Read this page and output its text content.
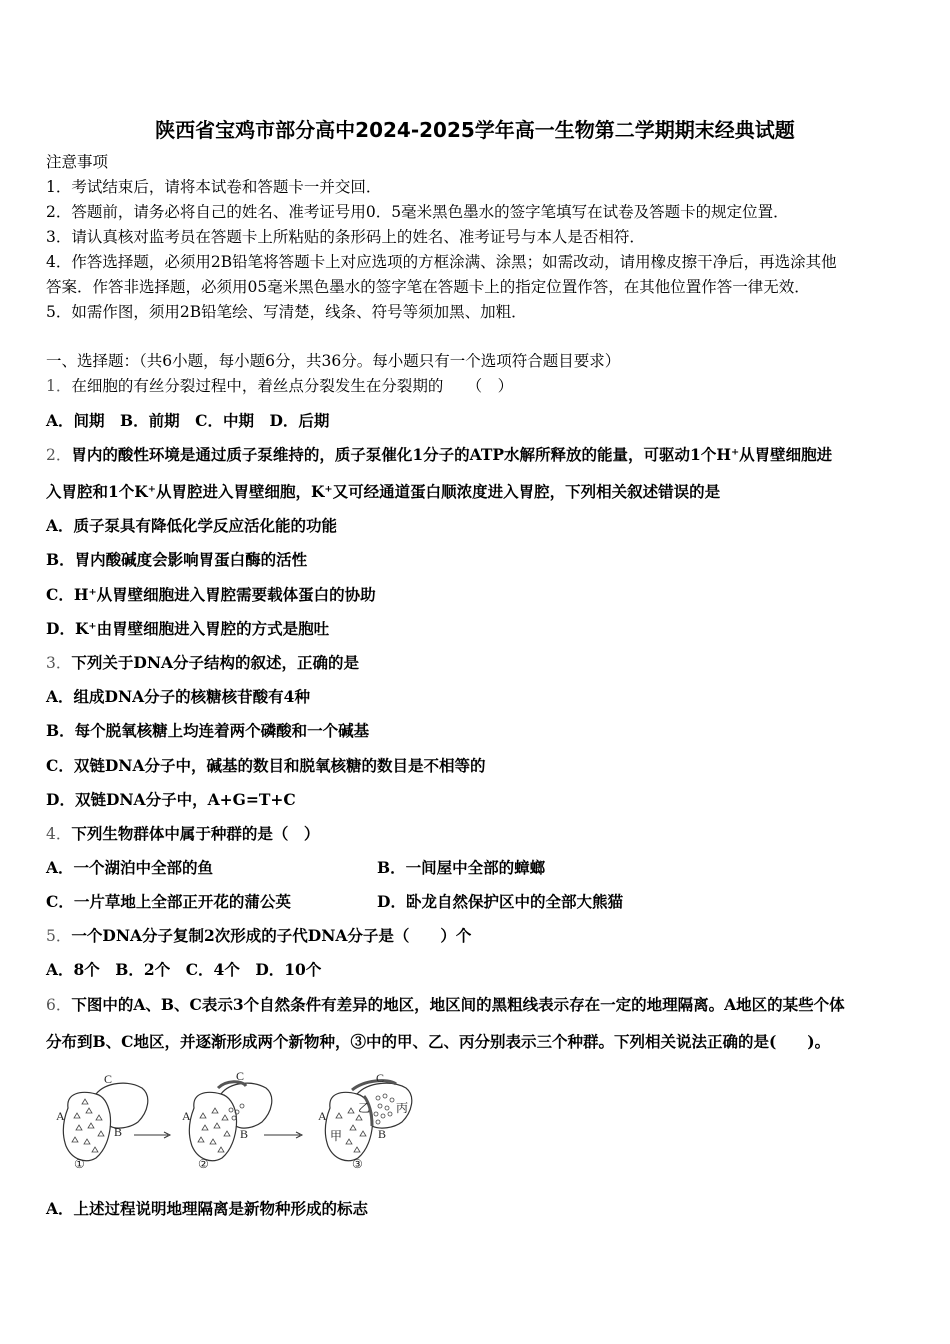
陕西省宝鸡市部分高中2024-2025学年高一生物第二学期期末经典试题
注意事项
1．考试结束后，请将本试卷和答题卡一并交回．
2．答题前，请务必将自己的姓名、准考证号用0．5毫米黑色墨水的签字笔填写在试卷及答题卡的规定位置．
3．请认真核对监考员在答题卡上所粘贴的条形码上的姓名、准考证号与本人是否相符．
4．作答选择题，必须用2B铅笔将答题卡上对应选项的方框涂满、涂黑；如需改动，请用橡皮擦干净后，再选涂其他
答案．作答非选择题，必须用05毫米黑色墨水的签字笔在答题卡上的指定位置作答，在其他位置作答一律无效．
5．如需作图，须用2B铅笔绘、写清楚，线条、符号等须加黑、加粗．
一、选择题：（共6小题，每小题6分，共36分。每小题只有一个选项符合题目要求）
1．在细胞的有丝分裂过程中，着丝点分裂发生在分裂期的　　（　）
A．间期　B．前期　C．中期　D．后期
2．胃内的酸性环境是通过质子泵维持的，质子泵催化1分子的ATP水解所释放的能量，可驱动1个H⁺从胃壁细胞进
入胃腔和1个K⁺从胃腔进入胃壁细胞，K⁺又可经通道蛋白顺浓度进入胃腔，下列相关叙述错误的是
A．质子泵具有降低化学反应活化能的功能
B．胃内酸碱度会影响胃蛋白酶的活性
C．H⁺从胃壁细胞进入胃腔需要载体蛋白的协助
D．K⁺由胃壁细胞进入胃腔的方式是胞吐
3．下列关于DNA分子结构的叙述，正确的是
A．组成DNA分子的核糖核苷酸有4种
B．每个脱氧核糖上均连着两个磷酸和一个碱基
C．双链DNA分子中，碱基的数目和脱氧核糖的数目是不相等的
D．双链DNA分子中，A+G=T+C
4．下列生物群体中属于种群的是（　）
A．一个湖泊中全部的鱼	B．一间屋中全部的蟑螂
C．一片草地上全部正开花的蒲公英	D．卧龙自然保护区中的全部大熊猫
5．一个DNA分子复制2次形成的子代DNA分子是（　　）个
A．8个　B．2个　C．4个　D．10个
6．下图中的A、B、C表示3个自然条件有差异的地区，地区间的黑粗线表示存在一定的地理隔离。A地区的某些个体
分布到B、C地区，并逐渐形成两个新物种，③中的甲、乙、丙分别表示三个种群。下列相关说法正确的是(　　)。
A
C
B
①
A
C
B
②
A
C
B
甲
乙 丙
③
A．上述过程说明地理隔离是新物种形成的标志
